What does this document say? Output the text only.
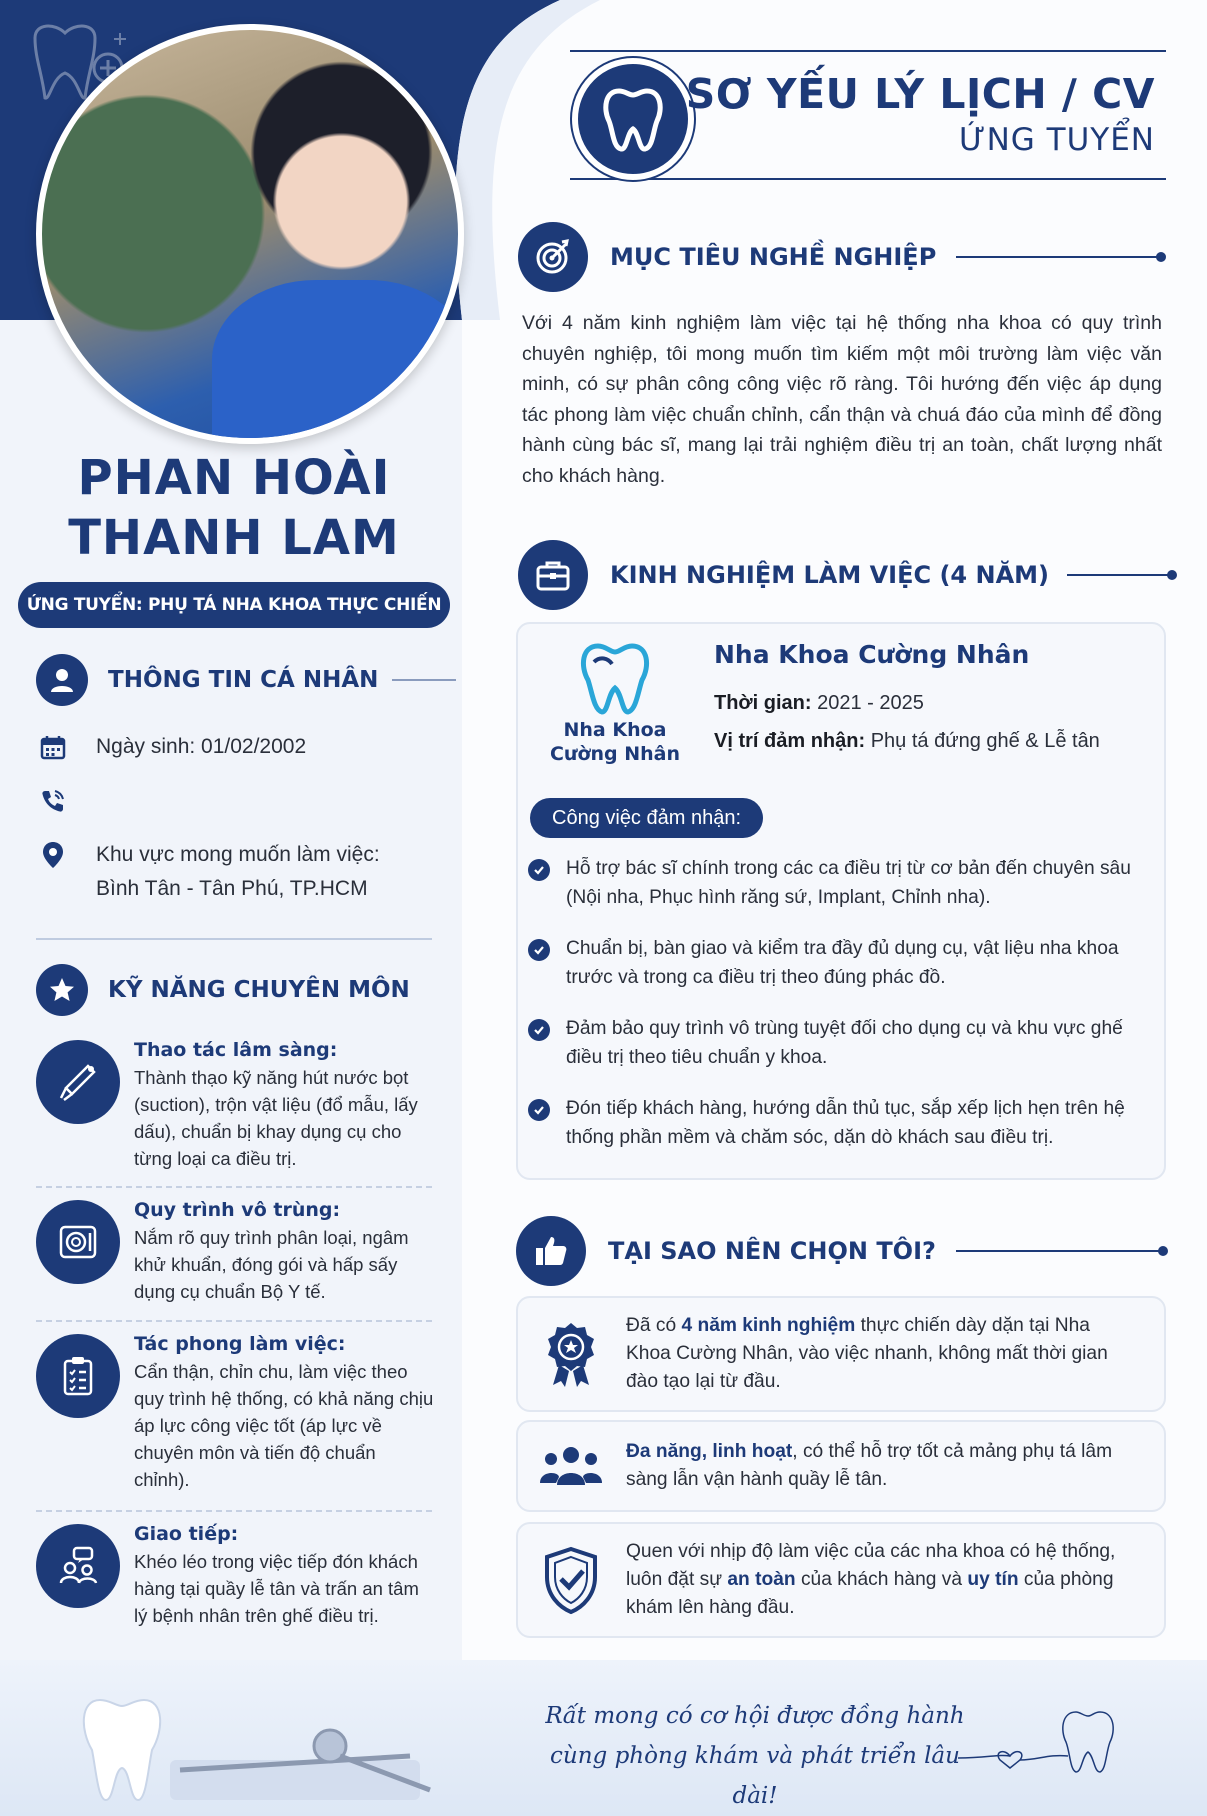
PHAN HOÀI
THANH LAM
ỨNG TUYỂN: PHỤ TÁ NHA KHOA THỰC CHIẾN
THÔNG TIN CÁ NHÂN
Ngày sinh: 01/02/2002
Khu vực mong muốn làm việc:
Bình Tân - Tân Phú, TP.HCM
KỸ NĂNG CHUYÊN MÔN
Thao tác lâm sàng:
Thành thạo kỹ năng hút nước bọt (suction), trộn vật liệu (đổ mẫu, lấy dấu), chuẩn bị khay dụng cụ cho từng loại ca điều trị.
Quy trình vô trùng:
Nắm rõ quy trình phân loại, ngâm khử khuẩn, đóng gói và hấp sấy dụng cụ chuẩn Bộ Y tế.
Tác phong làm việc:
Cẩn thận, chỉn chu, làm việc theo quy trình hệ thống, có khả năng chịu áp lực công việc tốt (áp lực về chuyên môn và tiến độ chuẩn chỉnh).
Giao tiếp:
Khéo léo trong việc tiếp đón khách hàng tại quầy lễ tân và trấn an tâm lý bệnh nhân trên ghế điều trị.
SƠ YẾU LÝ LỊCH / CV
ỨNG TUYỂN
MỤC TIÊU NGHỀ NGHIỆP
Với 4 năm kinh nghiệm làm việc tại hệ thống nha khoa có quy trình chuyên nghiệp, tôi mong muốn tìm kiếm một môi trường làm việc văn minh, có sự phân công công việc rõ ràng. Tôi hướng đến việc áp dụng tác phong làm việc chuẩn chỉnh, cẩn thận và chuá đáo của mình để đồng hành cùng bác sĩ, mang lại trải nghiệm điều trị an toàn, chất lượng nhất cho khách hàng.
KINH NGHIỆM LÀM VIỆC (4 NĂM)
Nha Khoa
Cường Nhân
Nha Khoa Cường Nhân
Thời gian: 2021 - 2025
Vị trí đảm nhận: Phụ tá đứng ghế & Lễ tân
Công việc đảm nhận:
Hỗ trợ bác sĩ chính trong các ca điều trị từ cơ bản đến chuyên sâu (Nội nha, Phục hình răng sứ, Implant, Chỉnh nha).
Chuẩn bị, bàn giao và kiểm tra đầy đủ dụng cụ, vật liệu nha khoa trước và trong ca điều trị theo đúng phác đồ.
Đảm bảo quy trình vô trùng tuyệt đối cho dụng cụ và khu vực ghế điều trị theo tiêu chuẩn y khoa.
Đón tiếp khách hàng, hướng dẫn thủ tục, sắp xếp lịch hẹn trên hệ thống phần mềm và chăm sóc, dặn dò khách sau điều trị.
TẠI SAO NÊN CHỌN TÔI?
Đã có 4 năm kinh nghiệm thực chiến dày dặn tại Nha Khoa Cường Nhân, vào việc nhanh, không mất thời gian đào tạo lại từ đầu.
Đa năng, linh hoạt, có thể hỗ trợ tốt cả mảng phụ tá lâm sàng lẫn vận hành quầy lễ tân.
Quen với nhịp độ làm việc của các nha khoa có hệ thống, luôn đặt sự an toàn của khách hàng và uy tín của phòng khám lên hàng đầu.
Rất mong có cơ hội được đồng hành
cùng phòng khám và phát triển lâu dài!
